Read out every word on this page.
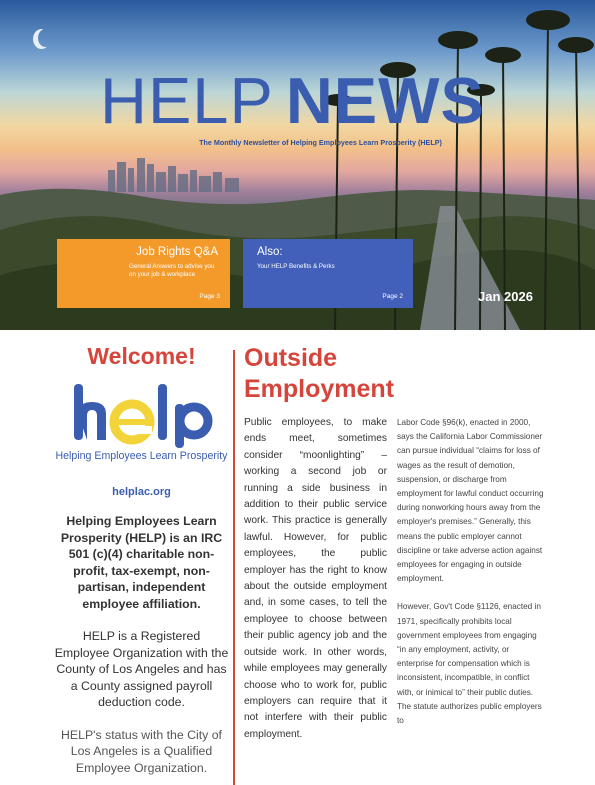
HELP NEWS
The Monthly Newsletter of Helping Employees Learn Prosperity (HELP)
Job Rights Q&A
General Answers to advise you on your job & workplace
Page 3
Also:
Your HELP Benefits & Perks
Page 2	Jan 2026
Welcome!
Helping Employees Learn Prosperity
helplac.org

Helping Employees Learn Prosperity (HELP) is an IRC 501 (c)(4) charitable non-profit, tax-exempt, non-partisan, independent employee affiliation.

HELP is a Registered Employee Organization with the County of Los Angeles and has a County assigned payroll deduction code.

HELP's status with the City of Los Angeles is a Qualified Employee Organization.

Outside
Employment
Public employees, to make ends meet, sometimes consider “moonlighting” – working a second job or running a side business in addition to their public service work. This practice is generally lawful. However, for public employees, the public employer has the right to know about the outside employment and, in some cases, to tell the employee to choose between their public agency job and the outside work. In other words, while employees may generally choose who to work for, public employers can require that it not interfere with their public employment.

Labor Code §96(k), enacted in 2000, says the California Labor Commissioner can pursue individual “claims for loss of wages as the result of demotion, suspension, or discharge from employment for lawful conduct occurring during nonworking hours away from the employer's premises.” Generally, this means the public employer cannot discipline or take adverse action against employees for engaging in outside employment.

However, Gov't Code §1126, enacted in 1971, specifically prohibits local government employees from engaging “in any employment, activity, or enterprise for compensation which is inconsistent, incompatible, in conflict with, or inimical to” their public duties. The statute authorizes public employers to
